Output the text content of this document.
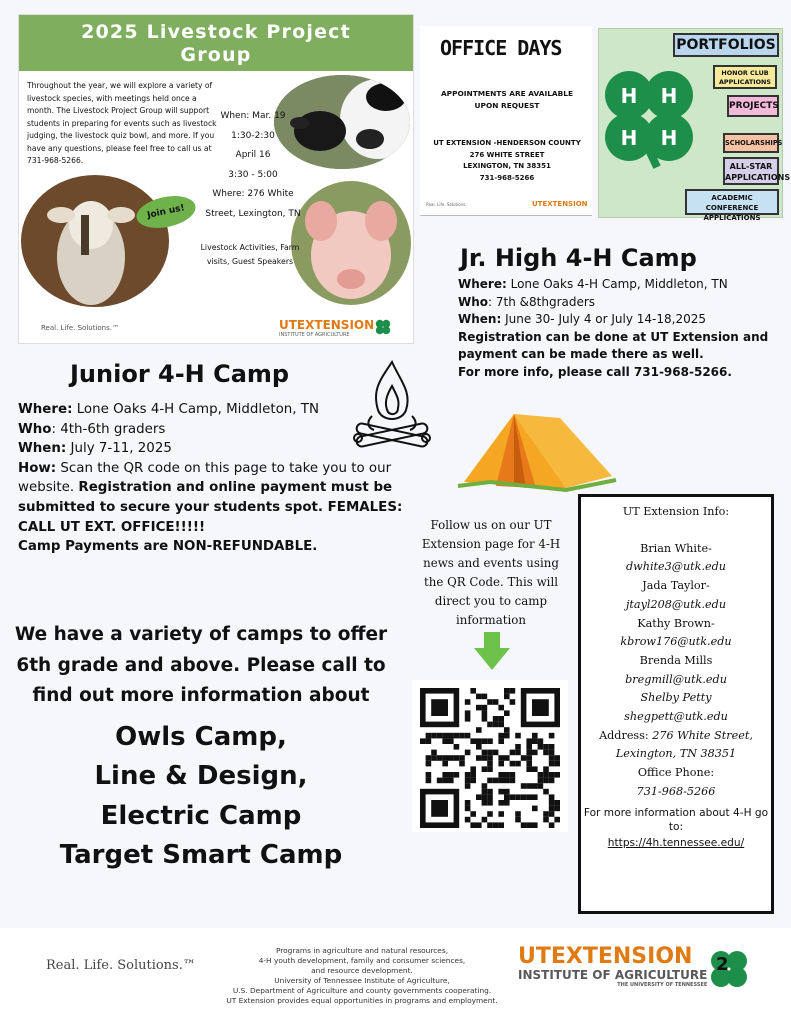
2025 Livestock Project
Group
Throughout the year, we will explore a variety of livestock species, with meetings held once a month. The Livestock Project Group will support students in preparing for events such as livestock judging, the livestock quiz bowl, and more. If you have any questions, please feel free to call us at 731-968-5266.
Join us!
When: Mar. 19
1:30-2:30
April 16
3:30 - 5:00
Where: 276 White
Street, Lexington, TN
Livestock Activities, Farm visits, Guest Speakers
Real. Life. Solutions.™	UTEXTENSION
INSTITUTE OF AGRICULTURE
OFFICE DAYS
APPOINTMENTS ARE AVAILABLE UPON REQUEST
UT EXTENSION -HENDERSON COUNTY
276 WHITE STREET
LEXINGTON, TN 38351
731-968-5266
Real. Life. Solutions.	UTEXTENSION
H H
H H
PORTFOLIOS
HONOR CLUB APPLICATIONS
PROJECTS
SCHOLARSHIPS
ALL-STAR APPLICATIONS
ACADEMIC CONFERENCE APPLICATIONS
Jr. High 4-H Camp
Where: Lone Oaks 4-H Camp, Middleton, TN
Who: 7th &8thgraders
When: June 30- July 4 or July 14-18,2025
Registration can be done at UT Extension and payment can be made there as well.
For more info, please call 731-968-5266.
Junior 4-H Camp
Where: Lone Oaks 4-H Camp, Middleton, TN
Who: 4th-6th graders
When: July 7-11, 2025
How: Scan the QR code on this page to take you to our website. Registration and online payment must be submitted to secure your students spot. FEMALES: CALL UT EXT. OFFICE!!!!!
Camp Payments are NON-REFUNDABLE.
We have a variety of camps to offer 6th grade and above. Please call to find out more information about
Owls Camp,
Line & Design,
Electric Camp
Target Smart Camp
Follow us on our UT Extension page for 4-H news and events using the QR Code. This will direct you to camp information
UT Extension Info:
Brian White-
dwhite3@utk.edu
Jada Taylor-
jtayl208@utk.edu
Kathy Brown-
kbrow176@utk.edu
Brenda Mills
bregmill@utk.edu
Shelby Petty
shegpett@utk.edu
Address: 276 White Street,
Lexington, TN 38351
Office Phone:
731-968-5266
For more information about 4-H go to:
https://4h.tennessee.edu/
Real. Life. Solutions.™
Programs in agriculture and natural resources,
4-H youth development, family and consumer sciences,
and resource development.
University of Tennessee Institute of Agriculture,
U.S. Department of Agriculture and county governments cooperating.
UT Extension provides equal opportunities in programs and employment.
UTEXTENSION
INSTITUTE OF AGRICULTURE
THE UNIVERSITY OF TENNESSEE
2
